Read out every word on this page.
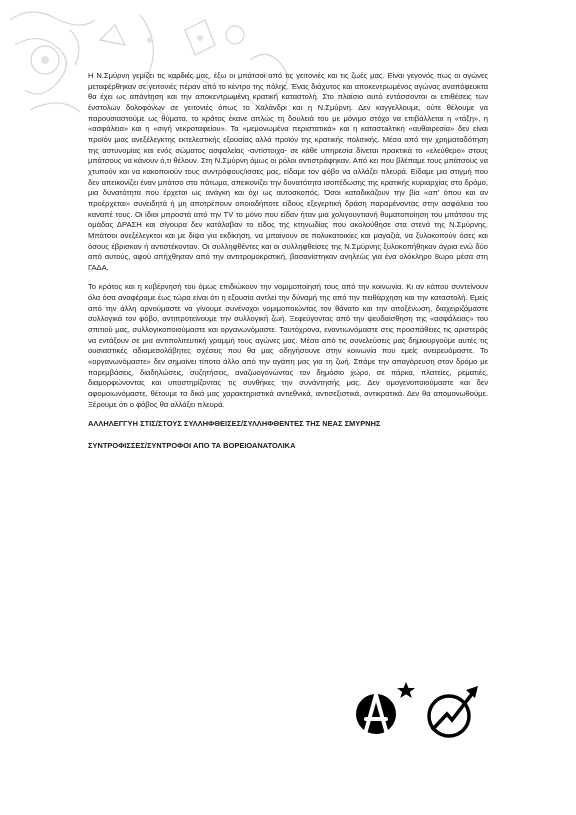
Η Ν.Σμύρνη γεμίζει τις καρδιές μας, έξω οι μπάτσοι από τις γειτονιές και τις ζωές μας. Είναι γεγονός πως οι αγώνες μεταφέρθηκαν σε γειτονιές πέραν από το κέντρο της πόλης. Ένας διάχυτος και αποκεντρωμένος αγώνας αναπόφευκτα θα έχει ως απάντηση και την αποκεντρωμένη κρατική καταστολή. Στο πλαίσιο αυτό εντάσσονται οι επιθέσεις των ένστολων δολοφόνων σε γειτονιές όπως το Χαλάνδρι και η Ν.Σμύρνη. Δεν καγγελλουμε, ούτε θέλουμε να παρουσιαστούμε ως θύματα, το κράτος έκανε απλώς τη δουλειά του με μόνιμο στόχο να επιβάλλεται η «τάξη», η «ασφάλεια» και η «σιγή νεκροταφείου». Τα «μεμονωμένα περιστατικά» και η καταστaλτική «αυθαιρεσία» δεν είναι προϊόν μιας ανεξέλεγκτης εκτελεστικής εξουσίας αλλά προϊόν της κρατικής πολιτικής. Μέσα από την χρηματοδότηση της αστυνομίας και ενός σώματος ασφαλείας -αντίστοιχα- σε κάθε υπηρεσία δίνεται πρακτικά το «ελεύθερο» στους μπάτσους να κάνουν ό,τι θέλουν. Στη Ν.Σμύρνη όμως οι ρόλοι αντιστράφηκαν. Από κει που βλέπαμε τους μπάτσους να χτυπούν και να κακοποιούν τους συντρόφους/ισσες μας, είδαμε τον φόβο να αλλάζει πλευρά. Είδαμε μια στιγμή που δεν απεικονίζει έναν μπάτσο στο πάτωμα, απεικονίζει την δυνατότητα ισοπέδωσης της κρατικής κυριαρχίας στο δρόμο, μια δυνατότητα που έρχεται ως ανάγκη και όχι ως αυτοσκοπός. Όσοι καταδικάζουν την βία «απ' όπου και αν προέρχεται» συνειδητά ή μη αποτρέπουν οποιαδήποτε είδους εξεγερτική δράση παραμένοντας στην ασφάλεια του καναπέ τους. Οι ίδιοι μπροστά από την TV το μόνο που είδαν ήταν μια χολιγουντιανή θυματοποίηση του μπάτσου της ομάδας ΔΡΑΣΗ και σίγουρα δεν κατάλαβαν το είδος της κτηνωδίας που ακολούθησε στα στενά της Ν.Σμύρνης. Μπάτσοι ανεξέλεγκτοι και με δίψα για εκδίκηση, να μπαίνουν σε πολυκατοικίες και μαγαζιά, να ξυλοκοπούν όσες και όσους έβρισκαν ή αντιστέκονταν. Οι συλληφθέντες και οι συλληφθείσες της Ν.Σμύρνης ξυλοκοπήθηκαν άγρια ενώ δύο από αυτούς, αφού απήχθησαν από την αντιτρομοκρατική, βασανίστηκαν ανηλεώς για ένα ολόκληρο 8ωρο μέσα στη ΓΑΔΑ.

Το κράτος και η κυβέρνησή του όμως επιδιώκουν την νομιμοποίησή τους από την κοινωνία. Κι αν κάπου συντείνουν όλα όσα αναφέραμε έως τώρα είναι ότι η εξουσία αντλεί την δύναμή της από την πειθάρχηση και την καταστολή. Εμείς από την άλλη αρνούμαστε να γίνουμε συνένοχοι νομιμοποιώντας τον θάνατο και την αποξένωση, διαχειριζόμαστε συλλογικά τον φόβο, αντιπροτείνουμε την συλλογική ζωή. Ξεφεύγοντας από την ψευδαίσθηση της «ασφάλειας» του σπιτιού μας, συλλογικοποιούμαστε και οργανωνόμαστε. Ταυτόχρονα, εναντιωνόμαστε στις προσπάθειες τις αριστεράς να εντάξουν σε μια αντιπολιτευτική γραμμή τους αγώνες μας. Μέσα από τις συνελεύσεις μας δημιουργούμε αυτές τις ουσιαστικές αδιαμεσολάβητες σχέσεις που θα μας οδηγήσουνε στην κοινωνία που εμείς ονειρευόμαστε. Το «οργανωνόμαστε» δεν σημαίνει τίποτα άλλο από την αγάπη μας για τη ζωή. Σπάμε την απαγόρευση στον δρόμο με παρεμβάσεις, διαδηλώσεις, συζητήσεις, αναζωογονώντας τον δημόσιο χώρο, σε πάρκα, πλατείες, ρεματιές, διαμορφώνοντας και υποστηρίζοντας τις συνθήκες την συνάντησής μας. Δεν ομογενοποιούμαστε και δεν αφομοιωνόμαστε, θέτουμε τα δικά μας χαρακτηριστικά αντιεθνικά, αντισεξιστικά, αντικρατικά. Δεν θα απομονωθούμε. Ξέρουμε ότι ο φόβος θα αλλάξει πλευρά.

ΑΛΛΗΛΕΓΓΥΗ ΣΤΙΣ/ΣΤΟΥΣ ΣΥΛΛΗΦΘΕΙΣΕΣ/ΣΥΛΛΗΦΘΕΝΤΕΣ ΤΗΣ ΝΕΑΣ ΣΜΥΡΝΗΣ
ΣΥΝΤΡΟΦΙΣΣΕΣ/ΣΥΝΤΡΟΦΟΙ ΑΠΟ ΤΑ ΒΟΡΕΙΟΑΝΑΤΟΛΙΚΑ
